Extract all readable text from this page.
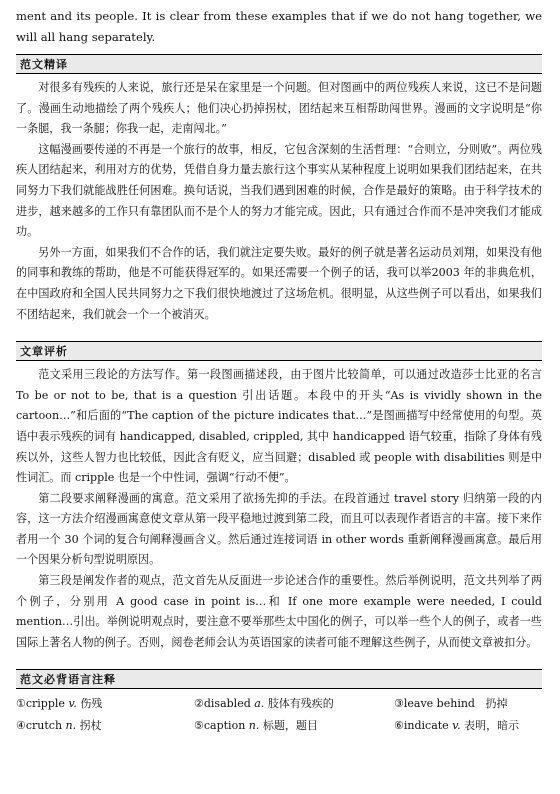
ment and its people. It is clear from these examples that if we do not hang together, we will all hang separately.

范文精译

对很多有残疾的人来说，旅行还是呆在家里是一个问题。但对图画中的两位残疾人来说，这已不是问题了。漫画生动地描绘了两个残疾人；他们决心扔掉拐杖，团结起来互相帮助闯世界。漫画的文字说明是“你一条腿，我一条腿；你我一起，走南闯北。”

这幅漫画要传递的不再是一个旅行的故事，相反，它包含深刻的生活哲理：“合则立，分则败”。两位残疾人团结起来，利用对方的优势，凭借自身力量去旅行这个事实从某种程度上说明如果我们团结起来，在共同努力下我们就能战胜任何困难。换句话说，当我们遇到困难的时候，合作是最好的策略。由于科学技术的进步，越来越多的工作只有靠团队而不是个人的努力才能完成。因此，只有通过合作而不是冲突我们才能成功。

另外一方面，如果我们不合作的话，我们就注定要失败。最好的例子就是著名运动员刘翔，如果没有他的同事和教练的帮助，他是不可能获得冠军的。如果还需要一个例子的话，我可以举2003 年的非典危机，在中国政府和全国人民共同努力之下我们很快地渡过了这场危机。很明显，从这些例子可以看出，如果我们不团结起来，我们就会一个一个被消灭。

文章评析

范文采用三段论的方法写作。第一段图画描述段，由于图片比较简单，可以通过改造莎士比亚的名言 To be or not to be, that is a question 引出话题。本段中的开头“As is vividly shown in the cartoon…”和后面的“The caption of the picture indicates that…”是图画描写中经常使用的句型。英语中表示残疾的词有 handicapped, disabled, crippled, 其中 handicapped 语气较重，指除了身体有残疾以外，这些人智力也比较低，因此含有贬义，应当回避；disabled 或 people with disabilities 则是中性词汇。而 cripple 也是一个中性词，强调“行动不便”。

第二段要求阐释漫画的寓意。范文采用了欲扬先抑的手法。在段首通过 travel story 归纳第一段的内容，这一方法介绍漫画寓意使文章从第一段平稳地过渡到第二段，而且可以表现作者语言的丰富。接下来作者用一个 30 个词的复合句阐释漫画含义。然后通过连接词语 in other words 重新阐释漫画寓意。最后用一个因果分析句型说明原因。

第三段是阐发作者的观点，范文首先从反面进一步论述合作的重要性。然后举例说明，范文共列举了两个例子，分别用 A good case in point is…和 If one more example were needed, I could mention…引出。举例说明观点时，要注意不要举那些太中国化的例子，可以举一些个人的例子，或者一些国际上著名人物的例子。否则，阅卷老师会认为英语国家的读者可能不理解这些例子，从而使文章被扣分。

范文必背语言注释
①cripple v. 伤残	②disabled a. 肢体有残疾的	③leave behind 扔掉
④crutch n. 拐杖	⑤caption n. 标题，题目	⑥indicate v. 表明，暗示
